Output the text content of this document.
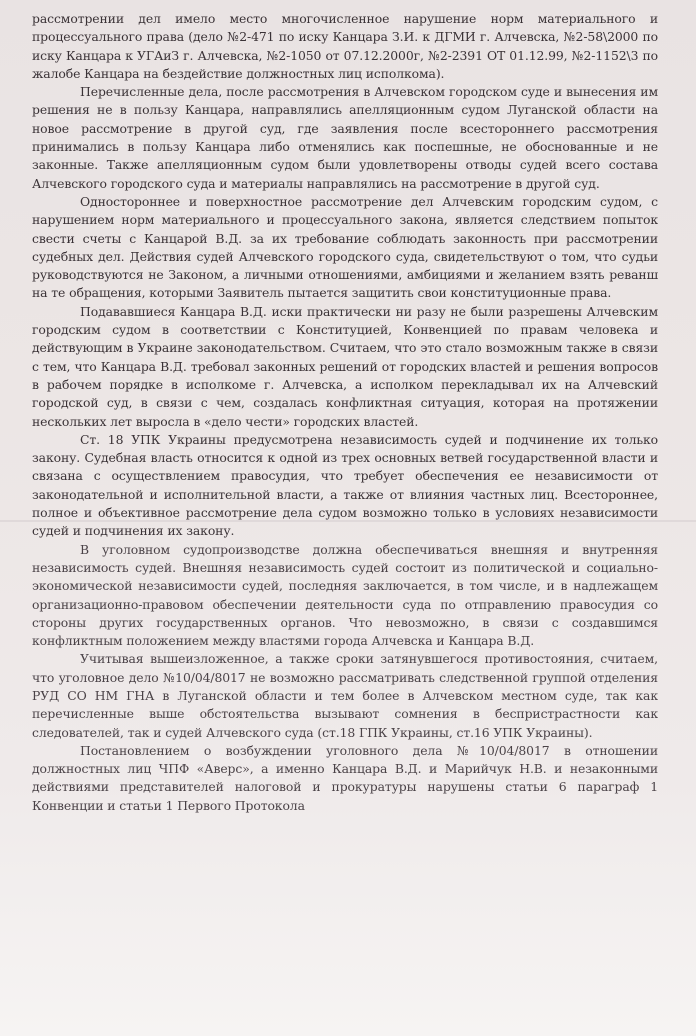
рассмотрении дел имело место многочисленное нарушение норм материального и процессуального права (дело №2-471 по иску Канцара З.И. к ДГМИ г. Алчевска, №2-58\2000 по иску Канцара к УГАиЗ г. Алчевска, №2-1050 от 07.12.2000г, №2-2391 ОТ 01.12.99, №2-1152\3 по жалобе Канцара на бездействие должностных лиц исполкома).

Перечисленные дела, после рассмотрения в Алчевском городском суде и вынесения им решения не в пользу Канцара, направлялись апелляционным судом Луганской области на новое рассмотрение в другой суд, где заявления после всестороннего рассмотрения принимались в пользу Канцара либо отменялись как поспешные, не обоснованные и не законные. Также апелляционным судом были удовлетворены отводы судей всего состава Алчевского городского суда и материалы направлялись на рассмотрение в другой суд.

Одностороннее и поверхностное рассмотрение дел Алчевским городским судом, с нарушением норм материального и процессуального закона, является следствием попыток свести счеты с Канцарой В.Д. за их требование соблюдать законность при рассмотрении судебных дел. Действия судей Алчевского городского суда, свидетельствуют о том, что судьи руководствуются не Законом, а личными отношениями, амбициями и желанием взять реванш на те обращения, которыми Заявитель пытается защитить свои конституционные права.

Подававшиеся Канцара В.Д. иски практически ни разу не были разрешены Алчевским городским судом в соответствии с Конституцией, Конвенцией по правам человека и действующим в Украине законодательством. Считаем, что это стало возможным также в связи с тем, что Канцара В.Д. требовал законных решений от городских властей и решения вопросов в рабочем порядке в исполкоме г. Алчевска, а исполком перекладывал их на Алчевский городской суд, в связи с чем, создалась конфликтная ситуация, которая на протяжении нескольких лет выросла в «дело чести» городских властей.

Ст. 18 УПК Украины предусмотрена независимость судей и подчинение их только закону. Судебная власть относится к одной из трех основных ветвей государственной власти и связана с осуществлением правосудия, что требует обеспечения ее независимости от законодательной и исполнительной власти, а также от влияния частных лиц. Всестороннее, полное и объективное рассмотрение дела судом возможно только в условиях независимости судей и подчинения их закону.

В уголовном судопроизводстве должна обеспечиваться внешняя и внутренняя независимость судей. Внешняя независимость судей состоит из политической и социально-экономической независимости судей, последняя заключается, в том числе, и в надлежащем организационно-правовом обеспечении деятельности суда по отправлению правосудия со стороны других государственных органов. Что невозможно, в связи с создавшимся конфликтным положением между властями города Алчевска и Канцара В.Д.

Учитывая вышеизложенное, а также сроки затянувшегося противостояния, считаем, что уголовное дело №10/04/8017 не возможно рассматривать следственной группой отделения РУД СО НМ ГНА в Луганской области и тем более в Алчевском местном суде, так как перечисленные выше обстоятельства вызывают сомнения в беспристрастности как следователей, так и судей Алчевского суда (ст.18 ГПК Украины, ст.16 УПК Украины).

Постановлением о возбуждении уголовного дела №10/04/8017 в отношении должностных лиц ЧПФ «Аверс», а именно Канцара В.Д. и Марийчук Н.В. и незаконными действиями представителей налоговой и прокуратуры нарушены статьи 6 параграф 1 Конвенции и статьи 1 Первого Протокола
